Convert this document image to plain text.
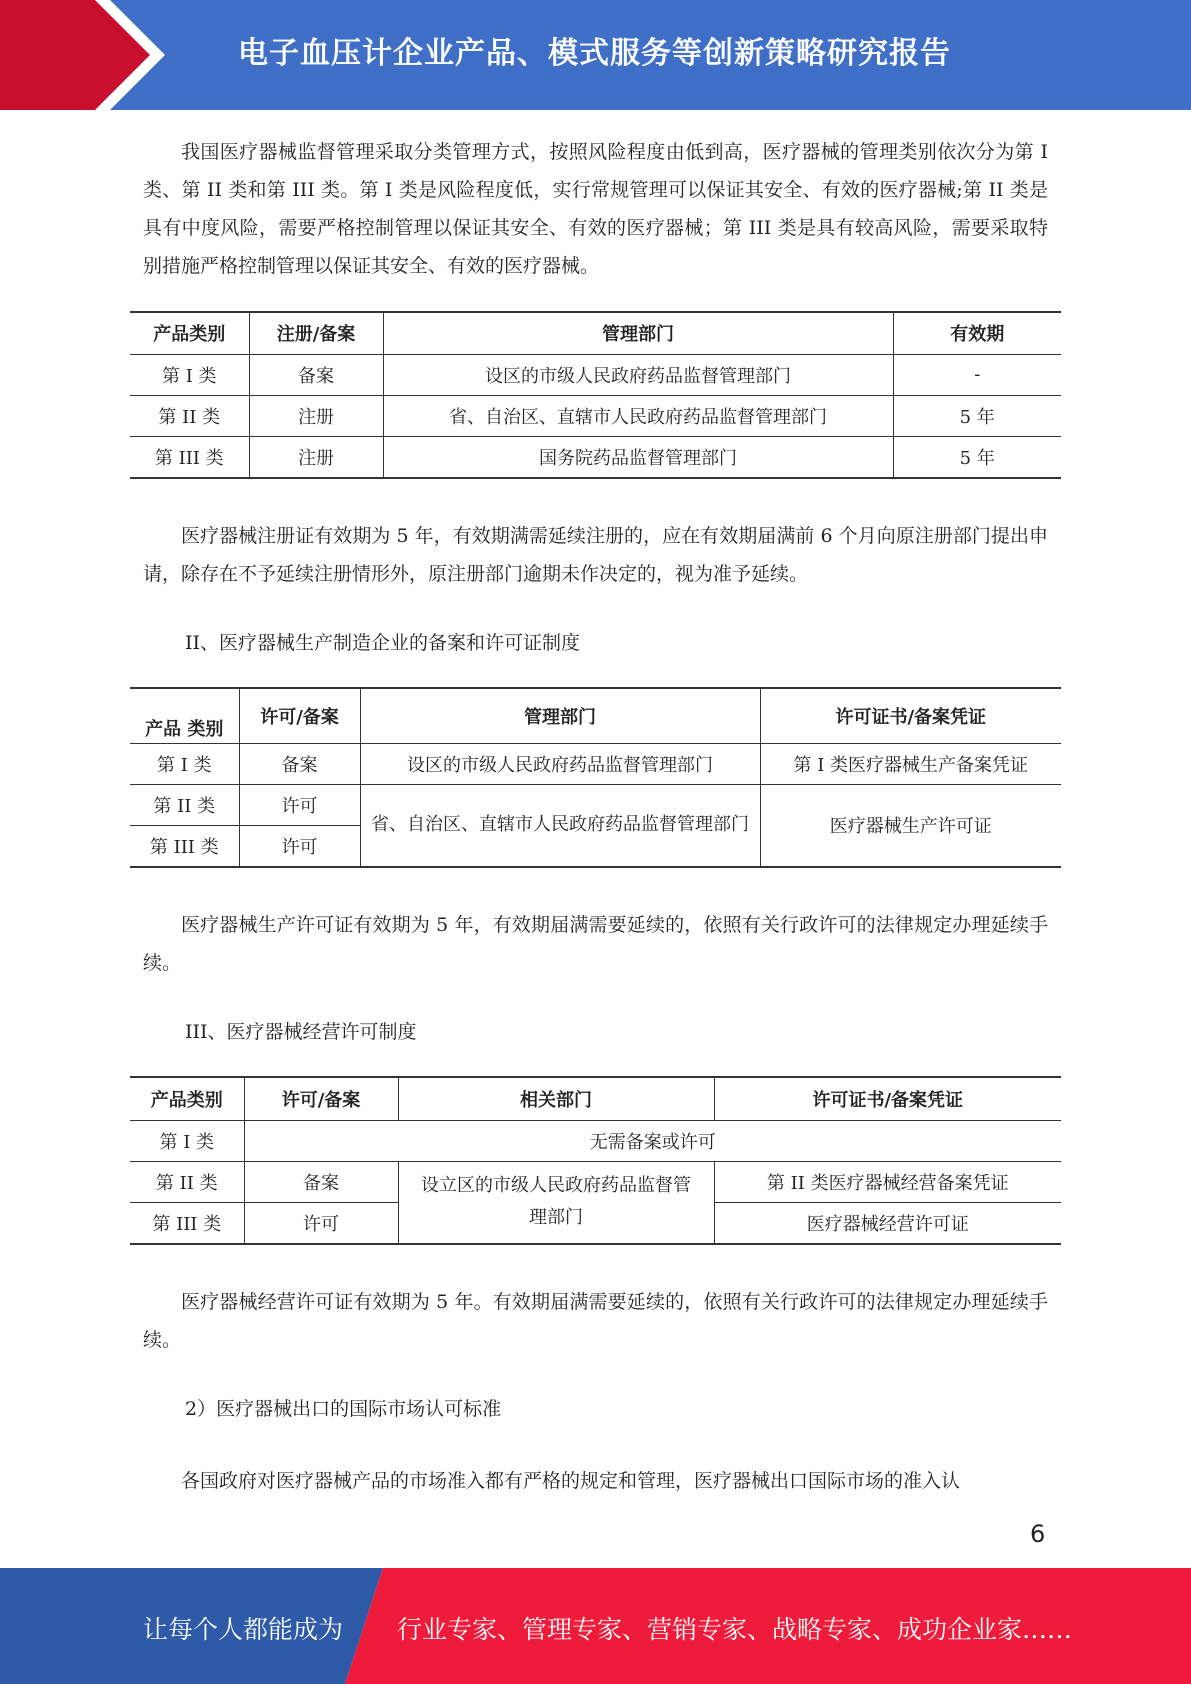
电子血压计企业产品、模式服务等创新策略研究报告

我国医疗器械监督管理采取分类管理方式，按照风险程度由低到高，医疗器械的管理类别依次分为第 I 类、第 II 类和第 III 类。第 I 类是风险程度低，实行常规管理可以保证其安全、有效的医疗器械;第 II 类是具有中度风险，需要严格控制管理以保证其安全、有效的医疗器械；第 III 类是具有较高风险，需要采取特别措施严格控制管理以保证其安全、有效的医疗器械。

产品类别	注册/备案	管理部门	有效期
第 I 类	备案	设区的市级人民政府药品监督管理部门	-
第 II 类	注册	省、自治区、直辖市人民政府药品监督管理部门	5 年
第 III 类	注册	国务院药品监督管理部门	5 年

医疗器械注册证有效期为 5 年，有效期满需延续注册的，应在有效期届满前 6 个月向原注册部门提出申请，除存在不予延续注册情形外，原注册部门逾期未作决定的，视为准予延续。

II、医疗器械生产制造企业的备案和许可证制度

产品 类别	许可/备案	管理部门	许可证书/备案凭证
第 I 类	备案	设区的市级人民政府药品监督管理部门	第 I 类医疗器械生产备案凭证
第 II 类	许可	省、自治区、直辖市人民政府药品监督管理部门	医疗器械生产许可证
第 III 类	许可		

医疗器械生产许可证有效期为 5 年，有效期届满需要延续的，依照有关行政许可的法律规定办理延续手续。

III、医疗器械经营许可制度

产品类别	许可/备案	相关部门	许可证书/备案凭证
第 I 类	无需备案或许可		
第 II 类	备案	设立区的市级人民政府药品监督管理部门	第 II 类医疗器械经营备案凭证
第 III 类	许可		医疗器械经营许可证

医疗器械经营许可证有效期为 5 年。有效期届满需要延续的，依照有关行政许可的法律规定办理延续手续。

2）医疗器械出口的国际市场认可标准

各国政府对医疗器械产品的市场准入都有严格的规定和管理，医疗器械出口国际市场的准入认

6
让每个人都能成为 行业专家、管理专家、营销专家、战略专家、成功企业家……
